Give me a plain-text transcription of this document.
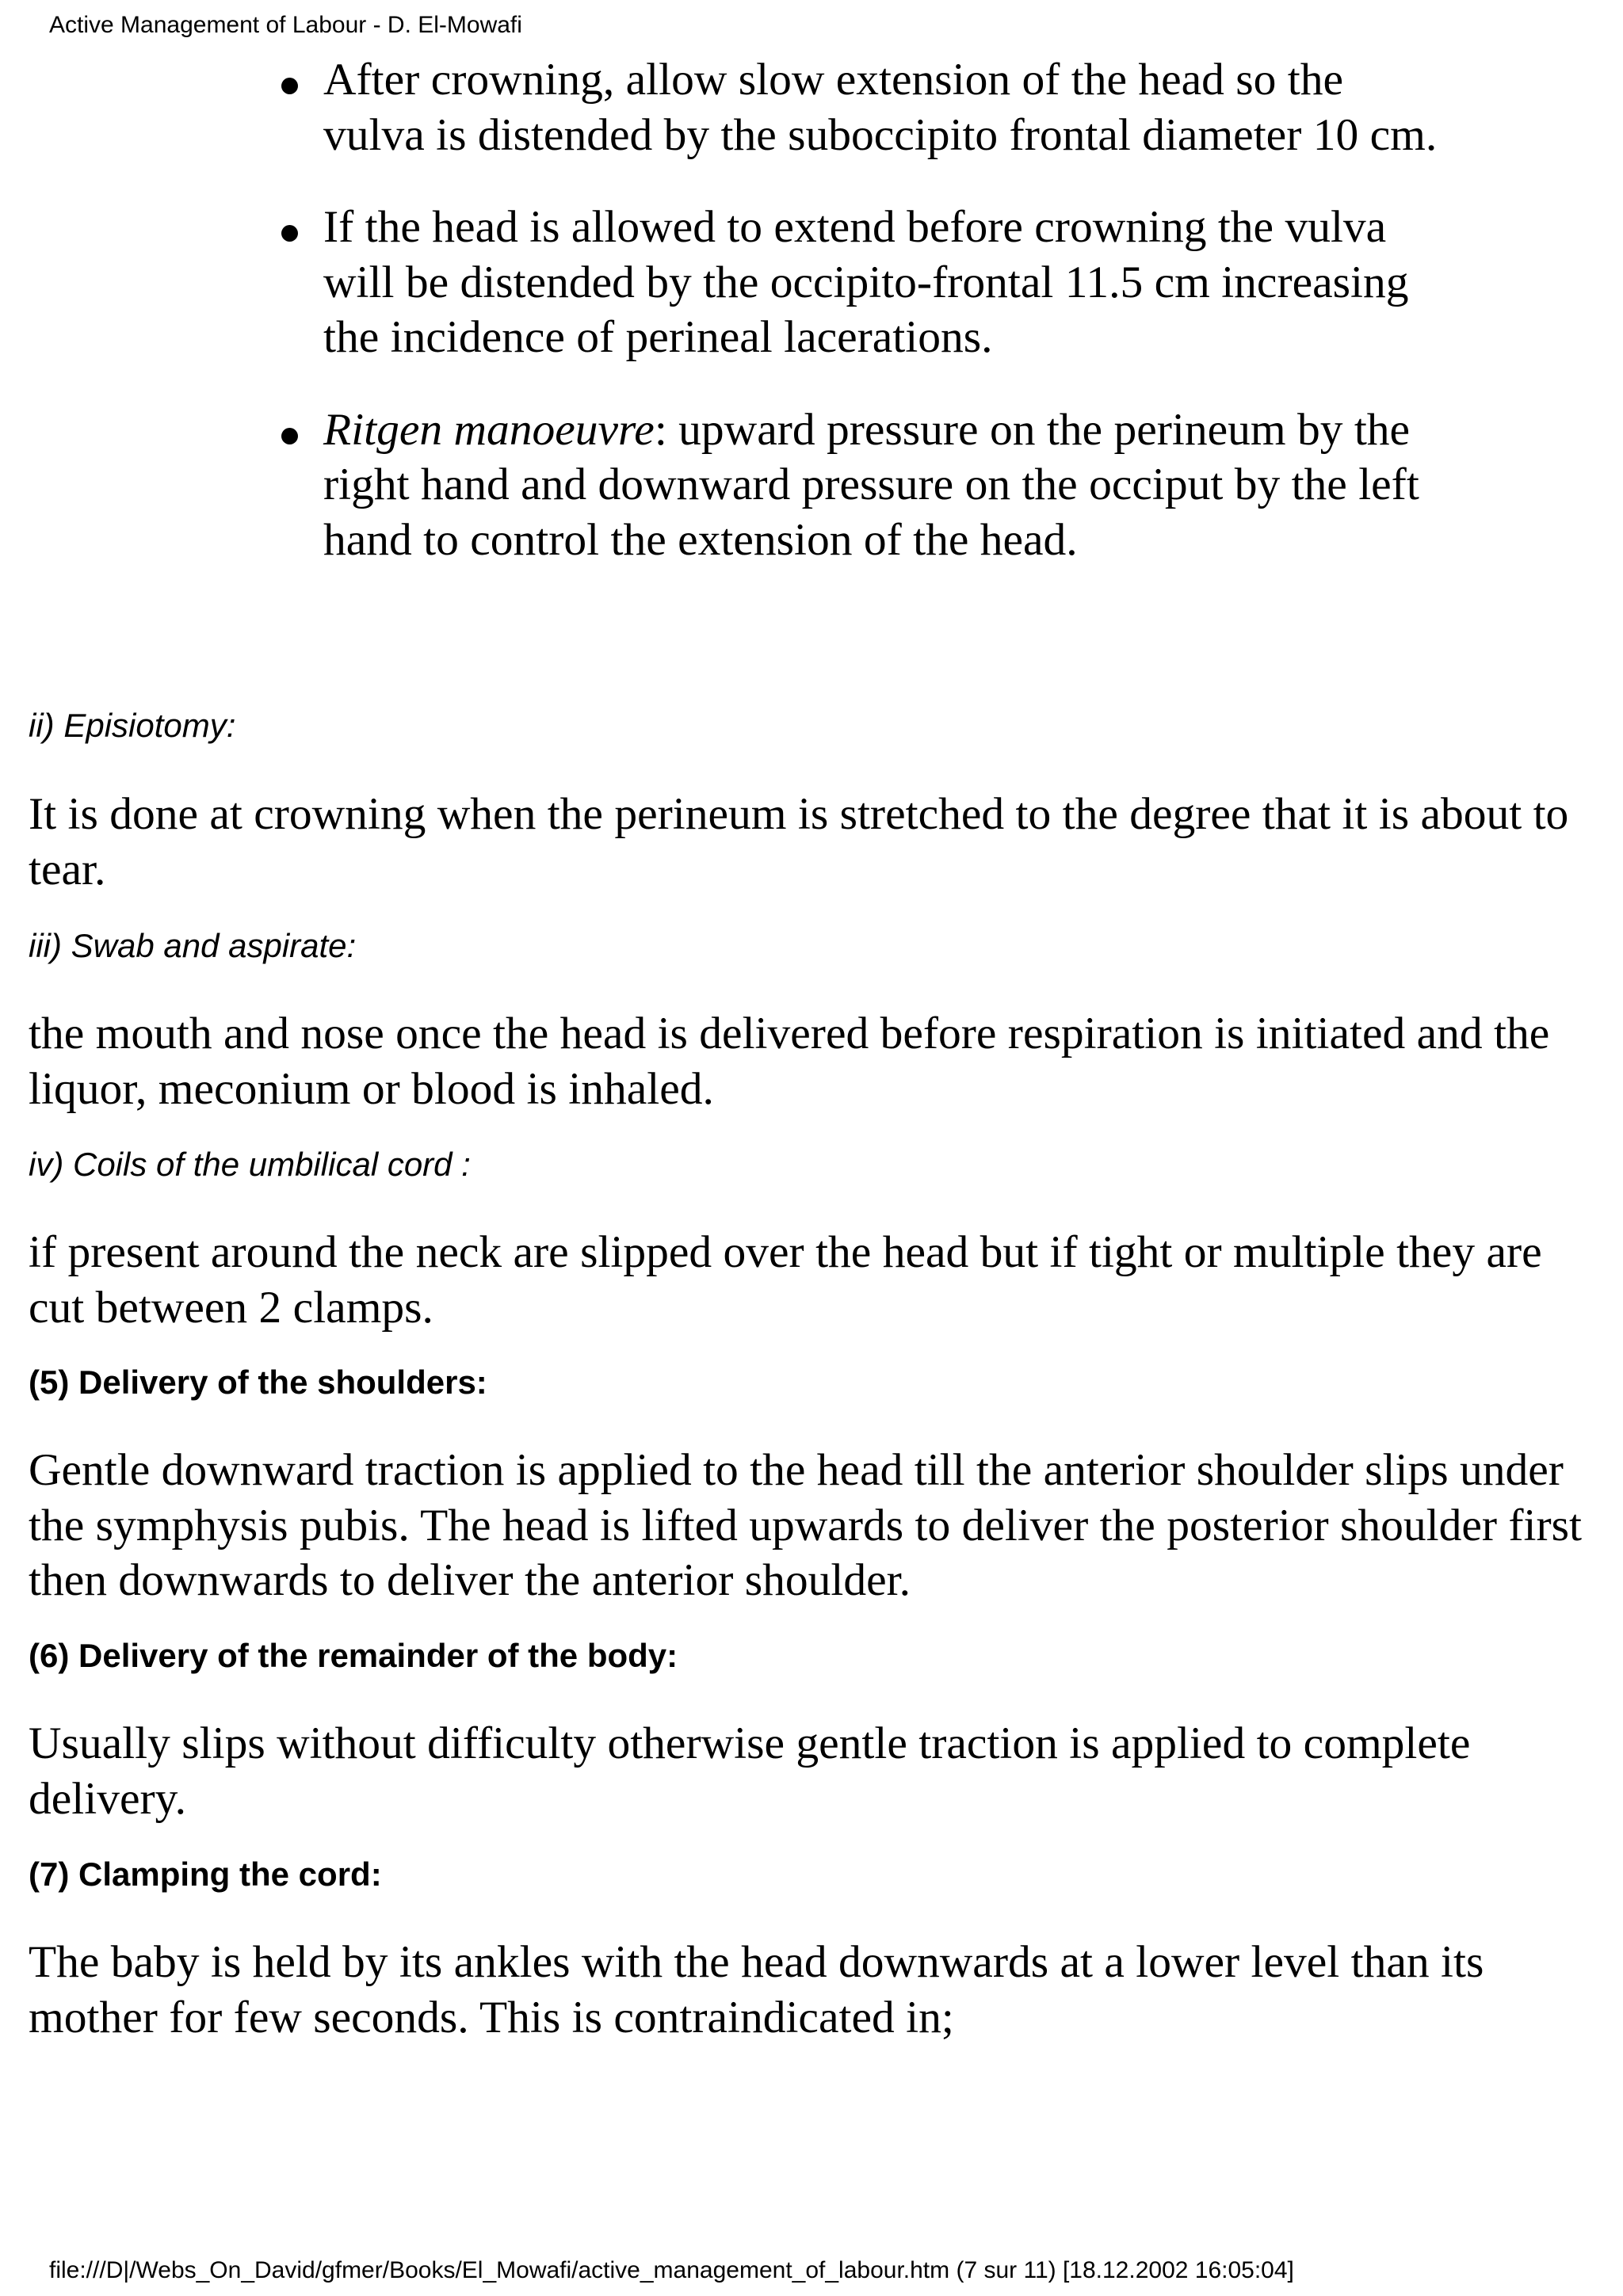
Active Management of Labour - D. El-Mowafi
After crowning, allow slow extension of the head so the vulva is distended by the suboccipito frontal diameter 10 cm.
If the head is allowed to extend before crowning the vulva will be distended by the occipito-frontal 11.5 cm increasing the incidence of perineal lacerations.
Ritgen manoeuvre: upward pressure on the perineum by the right hand and downward pressure on the occiput by the left hand to control the extension of the head.
ii) Episiotomy:
It is done at crowning when the perineum is stretched to the degree that it is about to tear.
iii) Swab and aspirate:
the mouth and nose once the head is delivered before respiration is initiated and the liquor, meconium or blood is inhaled.
iv) Coils of the umbilical cord :
if present around the neck are slipped over the head but if tight or multiple they are cut between 2 clamps.
(5) Delivery of the shoulders:
Gentle downward traction is applied to the head till the anterior shoulder slips under the symphysis pubis. The head is lifted upwards to deliver the posterior shoulder first then downwards to deliver the anterior shoulder.
(6) Delivery of the remainder of the body:
Usually slips without difficulty otherwise gentle traction is applied to complete delivery.
(7) Clamping the cord:
The baby is held by its ankles with the head downwards at a lower level than its mother for few seconds. This is contraindicated in;
file:///D|/Webs_On_David/gfmer/Books/El_Mowafi/active_management_of_labour.htm (7 sur 11) [18.12.2002 16:05:04]
